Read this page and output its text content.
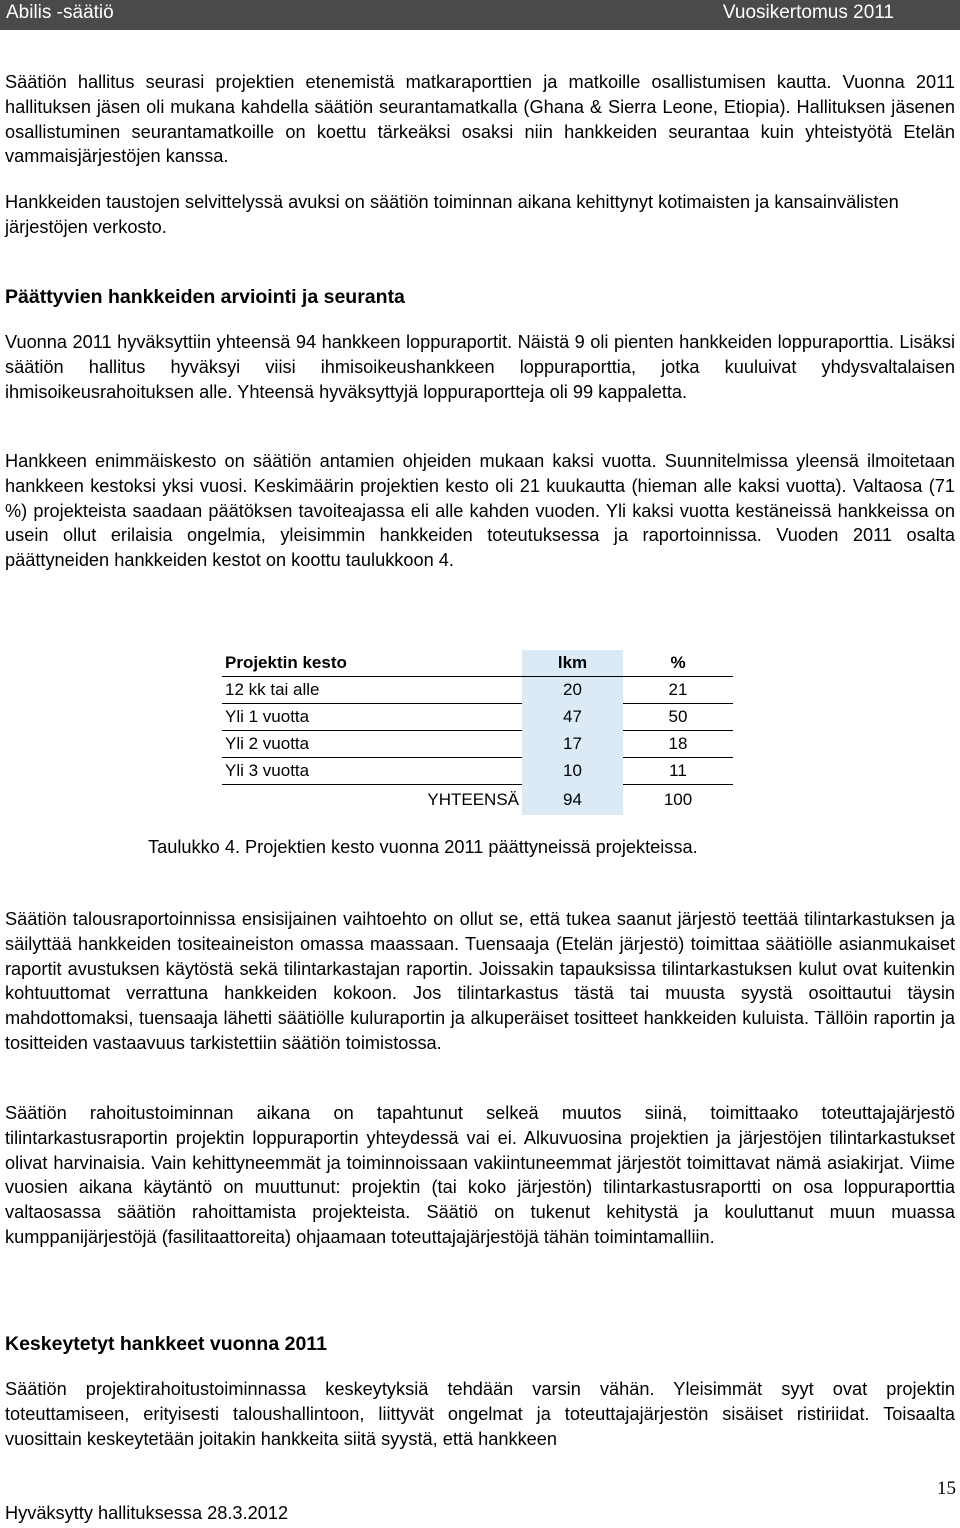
Abilis -säätiö	Vuosikertomus 2011

Säätiön hallitus seurasi projektien etenemistä matkaraporttien ja matkoille osallistumisen kautta. Vuonna 2011 hallituksen jäsen oli mukana kahdella säätiön seurantamatkalla (Ghana & Sierra Leone, Etiopia). Hallituksen jäsenen osallistuminen seurantamatkoille on koettu tärkeäksi osaksi niin hankkeiden seurantaa kuin yhteistyötä Etelän vammaisjärjestöjen kanssa.

Hankkeiden taustojen selvittelyssä avuksi on säätiön toiminnan aikana kehittynyt kotimaisten ja kansainvälisten järjestöjen verkosto.

Päättyvien hankkeiden arviointi ja seuranta

Vuonna 2011 hyväksyttiin yhteensä 94 hankkeen loppuraportit. Näistä 9 oli pienten hankkeiden loppuraporttia. Lisäksi säätiön hallitus hyväksyi viisi ihmisoikeushankkeen loppuraporttia, jotka kuuluivat yhdysvaltalaisen ihmisoikeusrahoituksen alle. Yhteensä hyväksyttyjä loppuraportteja oli 99 kappaletta.

Hankkeen enimmäiskesto on säätiön antamien ohjeiden mukaan kaksi vuotta. Suunnitelmissa yleensä ilmoitetaan hankkeen kestoksi yksi vuosi. Keskimäärin projektien kesto oli 21 kuukautta (hieman alle kaksi vuotta). Valtaosa (71 %) projekteista saadaan päätöksen tavoiteajassa eli alle kahden vuoden. Yli kaksi vuotta kestäneissä hankkeissa on usein ollut erilaisia ongelmia, yleisimmin hankkeiden toteutuksessa ja raportoinnissa. Vuoden 2011 osalta päättyneiden hankkeiden kestot on koottu taulukkoon 4.

Projektin kesto	lkm	%
12 kk tai alle	20	21
Yli 1 vuotta	47	50
Yli 2 vuotta	17	18
Yli 3 vuotta	10	11
YHTEENSÄ	94	100
Taulukko 4. Projektien kesto vuonna 2011 päättyneissä projekteissa.

Säätiön talousraportoinnissa ensisijainen vaihtoehto on ollut se, että tukea saanut järjestö teettää tilintarkastuksen ja säilyttää hankkeiden tositeaineiston omassa maassaan. Tuensaaja (Etelän järjestö) toimittaa säätiölle asianmukaiset raportit avustuksen käytöstä sekä tilintarkastajan raportin. Joissakin tapauksissa tilintarkastuksen kulut ovat kuitenkin kohtuuttomat verrattuna hankkeiden kokoon. Jos tilintarkastus tästä tai muusta syystä osoittautui täysin mahdottomaksi, tuensaaja lähetti säätiölle kuluraportin ja alkuperäiset tositteet hankkeiden kuluista. Tällöin raportin ja tositteiden vastaavuus tarkistettiin säätiön toimistossa.

Säätiön rahoitustoiminnan aikana on tapahtunut selkeä muutos siinä, toimittaako toteuttajajärjestö tilintarkastusraportin projektin loppuraportin yhteydessä vai ei. Alkuvuosina projektien ja järjestöjen tilintarkastukset olivat harvinaisia. Vain kehittyneemmät ja toiminnoissaan vakiintuneemmat järjestöt toimittavat nämä asiakirjat. Viime vuosien aikana käytäntö on muuttunut: projektin (tai koko järjestön) tilintarkastusraportti on osa loppuraporttia valtaosassa säätiön rahoittamista projekteista. Säätiö on tukenut kehitystä ja kouluttanut muun muassa kumppanijärjestöjä (fasilitaattoreita) ohjaamaan toteuttajajärjestöjä tähän toimintamalliin.

Keskeytetyt hankkeet vuonna 2011

Säätiön projektirahoitustoiminnassa keskeytyksiä tehdään varsin vähän. Yleisimmät syyt ovat projektin toteuttamiseen, erityisesti taloushallintoon, liittyvät ongelmat ja toteuttajajärjestön sisäiset ristiriidat. Toisaalta vuosittain keskeytetään joitakin hankkeita siitä syystä, että hankkeen

15
Hyväksytty hallituksessa 28.3.2012
